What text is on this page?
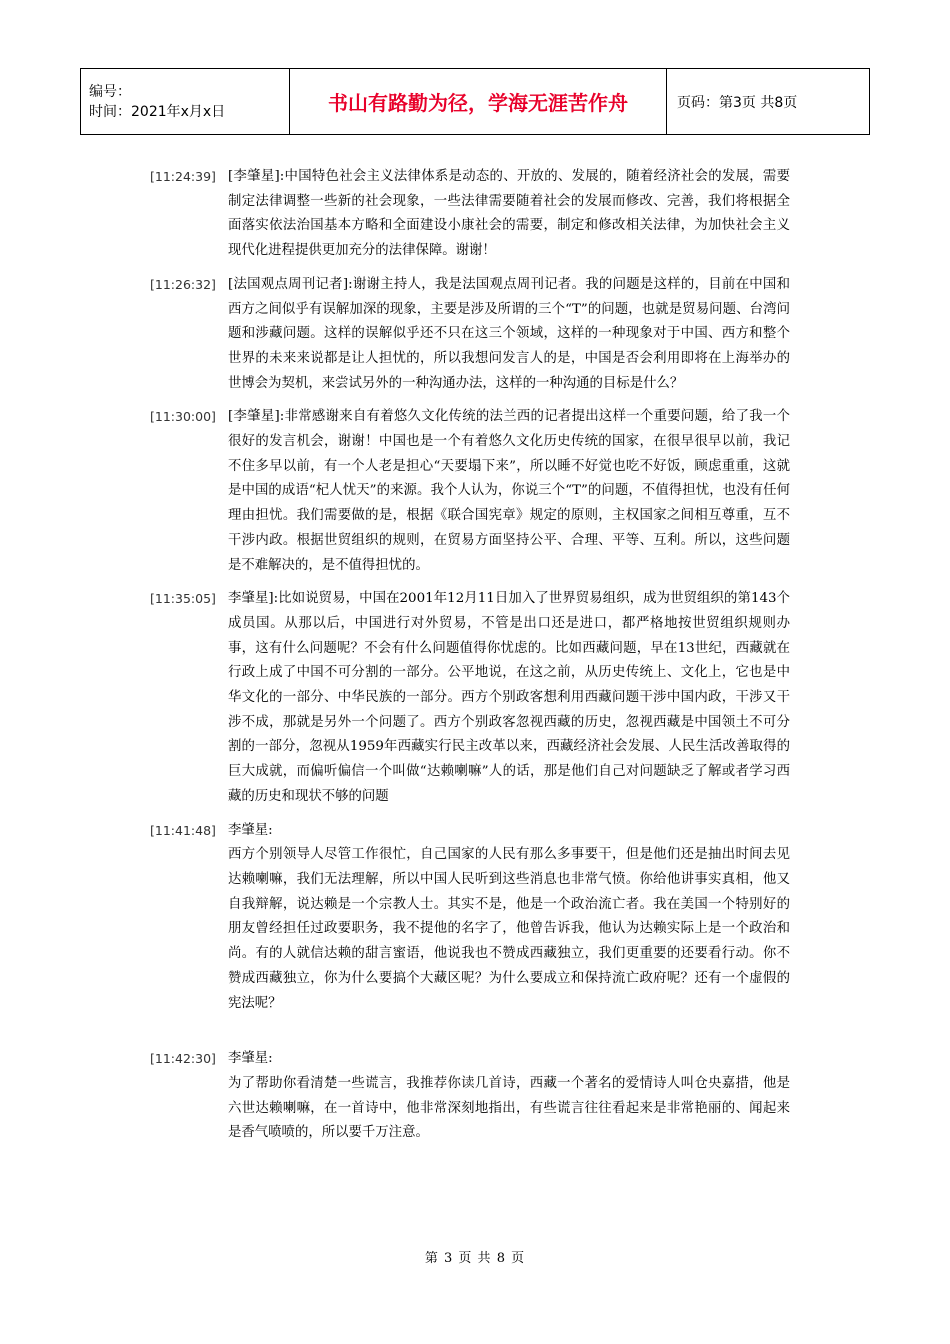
编号：
时间：2021年x月x日	书山有路勤为径，学海无涯苦作舟	页码：第3页 共8页
[11:24:39] [李肇星]:中国特色社会主义法律体系是动态的、开放的、发展的，随着经济社会的发展，需要制定法律调整一些新的社会现象，一些法律需要随着社会的发展而修改、完善，我们将根据全面落实依法治国基本方略和全面建设小康社会的需要，制定和修改相关法律，为加快社会主义现代化进程提供更加充分的法律保障。谢谢！
[11:26:32] [法国观点周刊记者]:谢谢主持人，我是法国观点周刊记者。我的问题是这样的，目前在中国和西方之间似乎有误解加深的现象，主要是涉及所谓的三个“T”的问题，也就是贸易问题、台湾问题和涉藏问题。这样的误解似乎还不只在这三个领域，这样的一种现象对于中国、西方和整个世界的未来来说都是让人担忧的，所以我想问发言人的是，中国是否会利用即将在上海举办的世博会为契机，来尝试另外的一种沟通办法，这样的一种沟通的目标是什么？
[11:30:00] [李肇星]:非常感谢来自有着悠久文化传统的法兰西的记者提出这样一个重要问题，给了我一个很好的发言机会，谢谢！中国也是一个有着悠久文化历史传统的国家，在很早很早以前，我记不住多早以前，有一个人老是担心“天要塌下来”，所以睡不好觉也吃不好饭，顾虑重重，这就是中国的成语“杞人忧天”的来源。我个人认为，你说三个“T”的问题，不值得担忧，也没有任何理由担忧。我们需要做的是，根据《联合国宪章》规定的原则，主权国家之间相互尊重，互不干涉内政。根据世贸组织的规则，在贸易方面坚持公平、合理、平等、互利。所以，这些问题是不难解决的，是不值得担忧的。
[11:35:05] 李肇星]:比如说贸易，中国在2001年12月11日加入了世界贸易组织，成为世贸组织的第143个成员国。从那以后，中国进行对外贸易，不管是出口还是进口，都严格地按世贸组织规则办事，这有什么问题呢？不会有什么问题值得你忧虑的。比如西藏问题，早在13世纪，西藏就在行政上成了中国不可分割的一部分。公平地说，在这之前，从历史传统上、文化上，它也是中华文化的一部分、中华民族的一部分。西方个别政客想利用西藏问题干涉中国内政，干涉又干涉不成，那就是另外一个问题了。西方个别政客忽视西藏的历史，忽视西藏是中国领土不可分割的一部分，忽视从1959年西藏实行民主改革以来，西藏经济社会发展、人民生活改善取得的巨大成就，而偏听偏信一个叫做“达赖喇嘛”人的话，那是他们自己对问题缺乏了解或者学习西藏的历史和现状不够的问题
[11:41:48] 李肇星:
西方个别领导人尽管工作很忙，自己国家的人民有那么多事要干，但是他们还是抽出时间去见达赖喇嘛，我们无法理解，所以中国人民听到这些消息也非常气愤。你给他讲事实真相，他又自我辩解，说达赖是一个宗教人士。其实不是，他是一个政治流亡者。我在美国一个特别好的朋友曾经担任过政要职务，我不提他的名字了，他曾告诉我，他认为达赖实际上是一个政治和尚。有的人就信达赖的甜言蜜语，他说我也不赞成西藏独立，我们更重要的还要看行动。你不赞成西藏独立，你为什么要搞个大藏区呢？为什么要成立和保持流亡政府呢？还有一个虚假的宪法呢？
[11:42:30] 李肇星:
为了帮助你看清楚一些谎言，我推荐你读几首诗，西藏一个著名的爱情诗人叫仓央嘉措，他是六世达赖喇嘛，在一首诗中，他非常深刻地指出，有些谎言往往看起来是非常艳丽的、闻起来是香气喷喷的，所以要千万注意。
第 3 页 共 8 页
